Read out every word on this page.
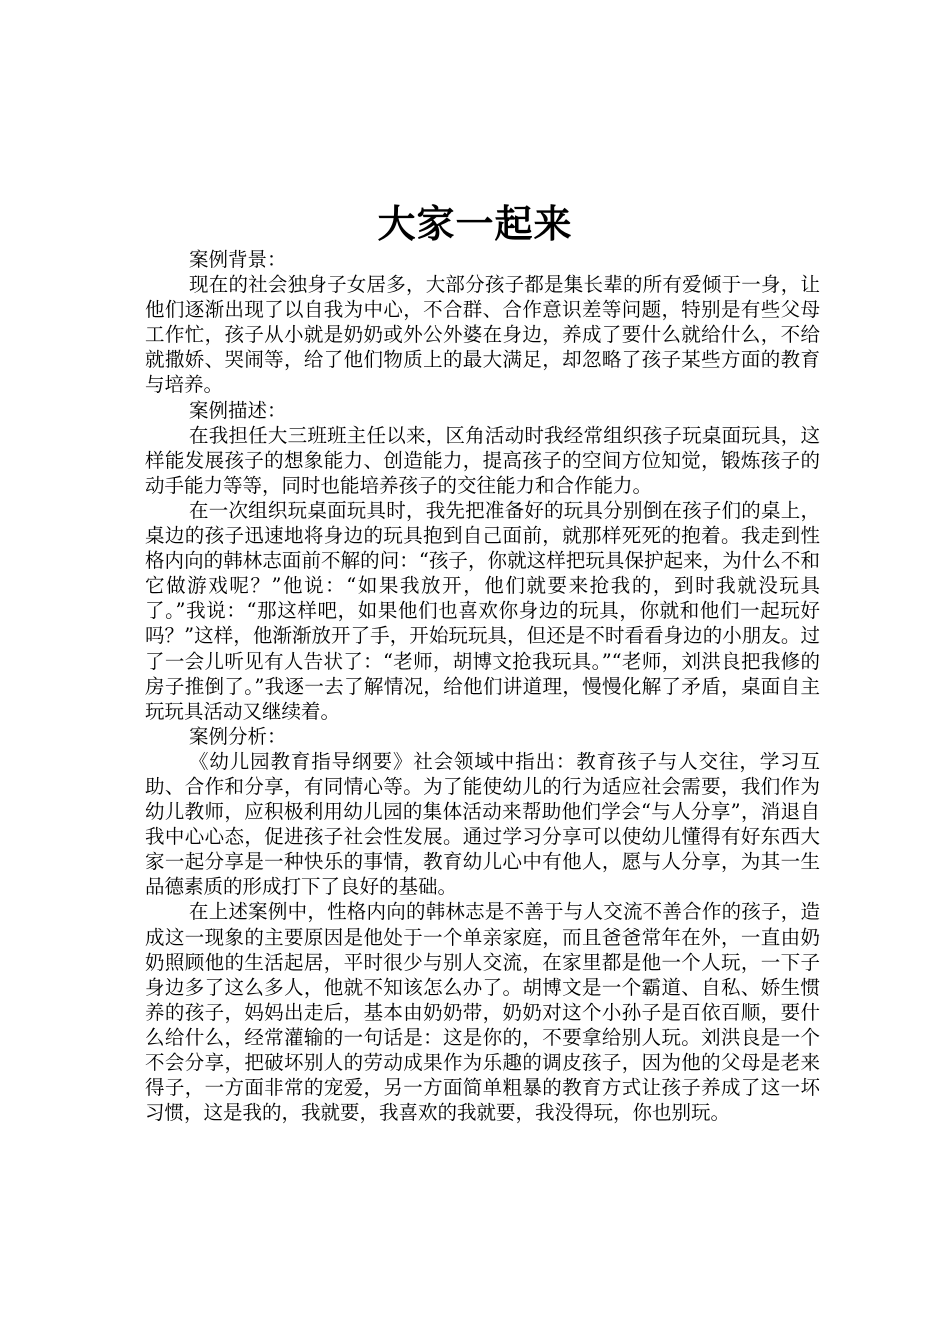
大家一起来

案例背景：

现在的社会独身子女居多，大部分孩子都是集长辈的所有爱倾于一身，让他们逐渐出现了以自我为中心，不合群、合作意识差等问题，特别是有些父母工作忙，孩子从小就是奶奶或外公外婆在身边，养成了要什么就给什么，不给就撒娇、哭闹等，给了他们物质上的最大满足，却忽略了孩子某些方面的教育与培养。

案例描述：

在我担任大三班班主任以来，区角活动时我经常组织孩子玩桌面玩具，这样能发展孩子的想象能力、创造能力，提高孩子的空间方位知觉，锻炼孩子的动手能力等等，同时也能培养孩子的交往能力和合作能力。

在一次组织玩桌面玩具时，我先把准备好的玩具分别倒在孩子们的桌上，桌边的孩子迅速地将身边的玩具抱到自己面前，就那样死死的抱着。我走到性格内向的韩林志面前不解的问：“孩子，你就这样把玩具保护起来，为什么不和它做游戏呢？”他说：“如果我放开，他们就要来抢我的，到时我就没玩具了。”我说：“那这样吧，如果他们也喜欢你身边的玩具，你就和他们一起玩好吗？”这样，他渐渐放开了手，开始玩玩具，但还是不时看看身边的小朋友。过了一会儿听见有人告状了：“老师，胡博文抢我玩具。”“老师，刘洪良把我修的房子推倒了。”我逐一去了解情况，给他们讲道理，慢慢化解了矛盾，桌面自主玩玩具活动又继续着。

案例分析：

《幼儿园教育指导纲要》社会领域中指出：教育孩子与人交往，学习互助、合作和分享，有同情心等。为了能使幼儿的行为适应社会需要，我们作为幼儿教师，应积极利用幼儿园的集体活动来帮助他们学会“与人分享”，消退自我中心心态，促进孩子社会性发展。通过学习分享可以使幼儿懂得有好东西大家一起分享是一种快乐的事情，教育幼儿心中有他人，愿与人分享，为其一生品德素质的形成打下了良好的基础。

在上述案例中，性格内向的韩林志是不善于与人交流不善合作的孩子，造成这一现象的主要原因是他处于一个单亲家庭，而且爸爸常年在外，一直由奶奶照顾他的生活起居，平时很少与别人交流，在家里都是他一个人玩，一下子身边多了这么多人，他就不知该怎么办了。胡博文是一个霸道、自私、娇生惯养的孩子，妈妈出走后，基本由奶奶带，奶奶对这个小孙子是百依百顺，要什么给什么，经常灌输的一句话是：这是你的，不要拿给别人玩。刘洪良是一个不会分享，把破坏别人的劳动成果作为乐趣的调皮孩子，因为他的父母是老来得子，一方面非常的宠爱，另一方面简单粗暴的教育方式让孩子养成了这一坏习惯，这是我的，我就要，我喜欢的我就要，我没得玩，你也别玩。
